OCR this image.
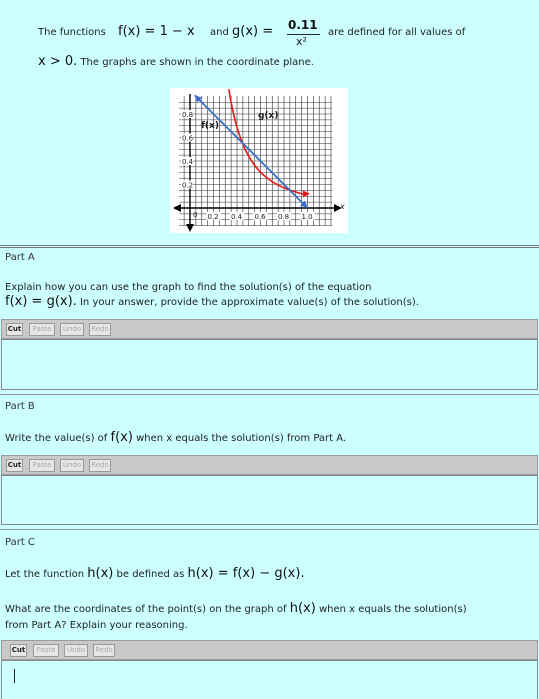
The functions f(x) = 1 − x and g(x) = 0.11
x²
are defined for all values of
x > 0. The graphs are shown in the coordinate plane.
0.8
0.6
0.4
0.2
0.2 0.4 0.6 0.8 1.0
f(x)
g(x)
0
x
Part A
Explain how you can use the graph to find the solution(s) of the equation
f(x) = g(x). In your answer, provide the approximate value(s) of the solution(s).
Cut	Paste	Undo	Redo
Part B
Write the value(s) of f(x) when x equals the solution(s) from Part A.
Cut	Paste	Undo	Redo
Part C
Let the function h(x) be defined as h(x) = f(x) − g(x).
What are the coordinates of the point(s) on the graph of h(x) when x equals the solution(s)
from Part A? Explain your reasoning.
Cut	Paste	Undo	Redo
